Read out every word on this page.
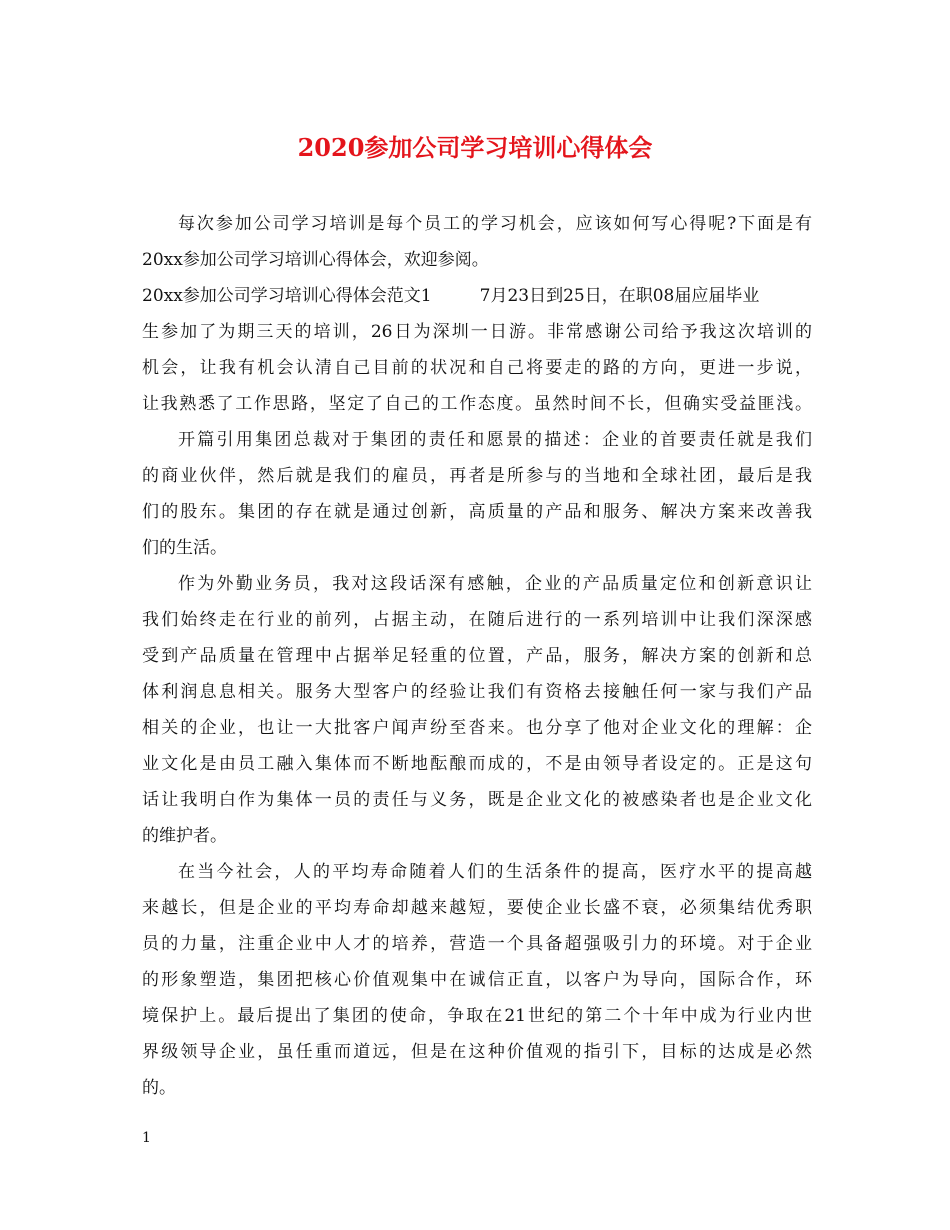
2020参加公司学习培训心得体会
每次参加公司学习培训是每个员工的学习机会，应该如何写心得呢?下面是有
20xx参加公司学习培训心得体会，欢迎参阅。
20xx参加公司学习培训心得体会范文1	7月23日到25日，在职08届应届毕业
生参加了为期三天的培训，26日为深圳一日游。非常感谢公司给予我这次培训的
机会，让我有机会认清自己目前的状况和自己将要走的路的方向，更进一步说，
让我熟悉了工作思路，坚定了自己的工作态度。虽然时间不长，但确实受益匪浅。
开篇引用集团总裁对于集团的责任和愿景的描述：企业的首要责任就是我们
的商业伙伴，然后就是我们的雇员，再者是所参与的当地和全球社团，最后是我
们的股东。集团的存在就是通过创新，高质量的产品和服务、解决方案来改善我
们的生活。
作为外勤业务员，我对这段话深有感触，企业的产品质量定位和创新意识让
我们始终走在行业的前列，占据主动，在随后进行的一系列培训中让我们深深感
受到产品质量在管理中占据举足轻重的位置，产品，服务，解决方案的创新和总
体利润息息相关。服务大型客户的经验让我们有资格去接触任何一家与我们产品
相关的企业，也让一大批客户闻声纷至沓来。也分享了他对企业文化的理解：企
业文化是由员工融入集体而不断地酝酿而成的，不是由领导者设定的。正是这句
话让我明白作为集体一员的责任与义务，既是企业文化的被感染者也是企业文化
的维护者。
在当今社会，人的平均寿命随着人们的生活条件的提高，医疗水平的提高越
来越长，但是企业的平均寿命却越来越短，要使企业长盛不衰，必须集结优秀职
员的力量，注重企业中人才的培养，营造一个具备超强吸引力的环境。对于企业
的形象塑造，集团把核心价值观集中在诚信正直，以客户为导向，国际合作，环
境保护上。最后提出了集团的使命，争取在21世纪的第二个十年中成为行业内世
界级领导企业，虽任重而道远，但是在这种价值观的指引下，目标的达成是必然
的。
1
